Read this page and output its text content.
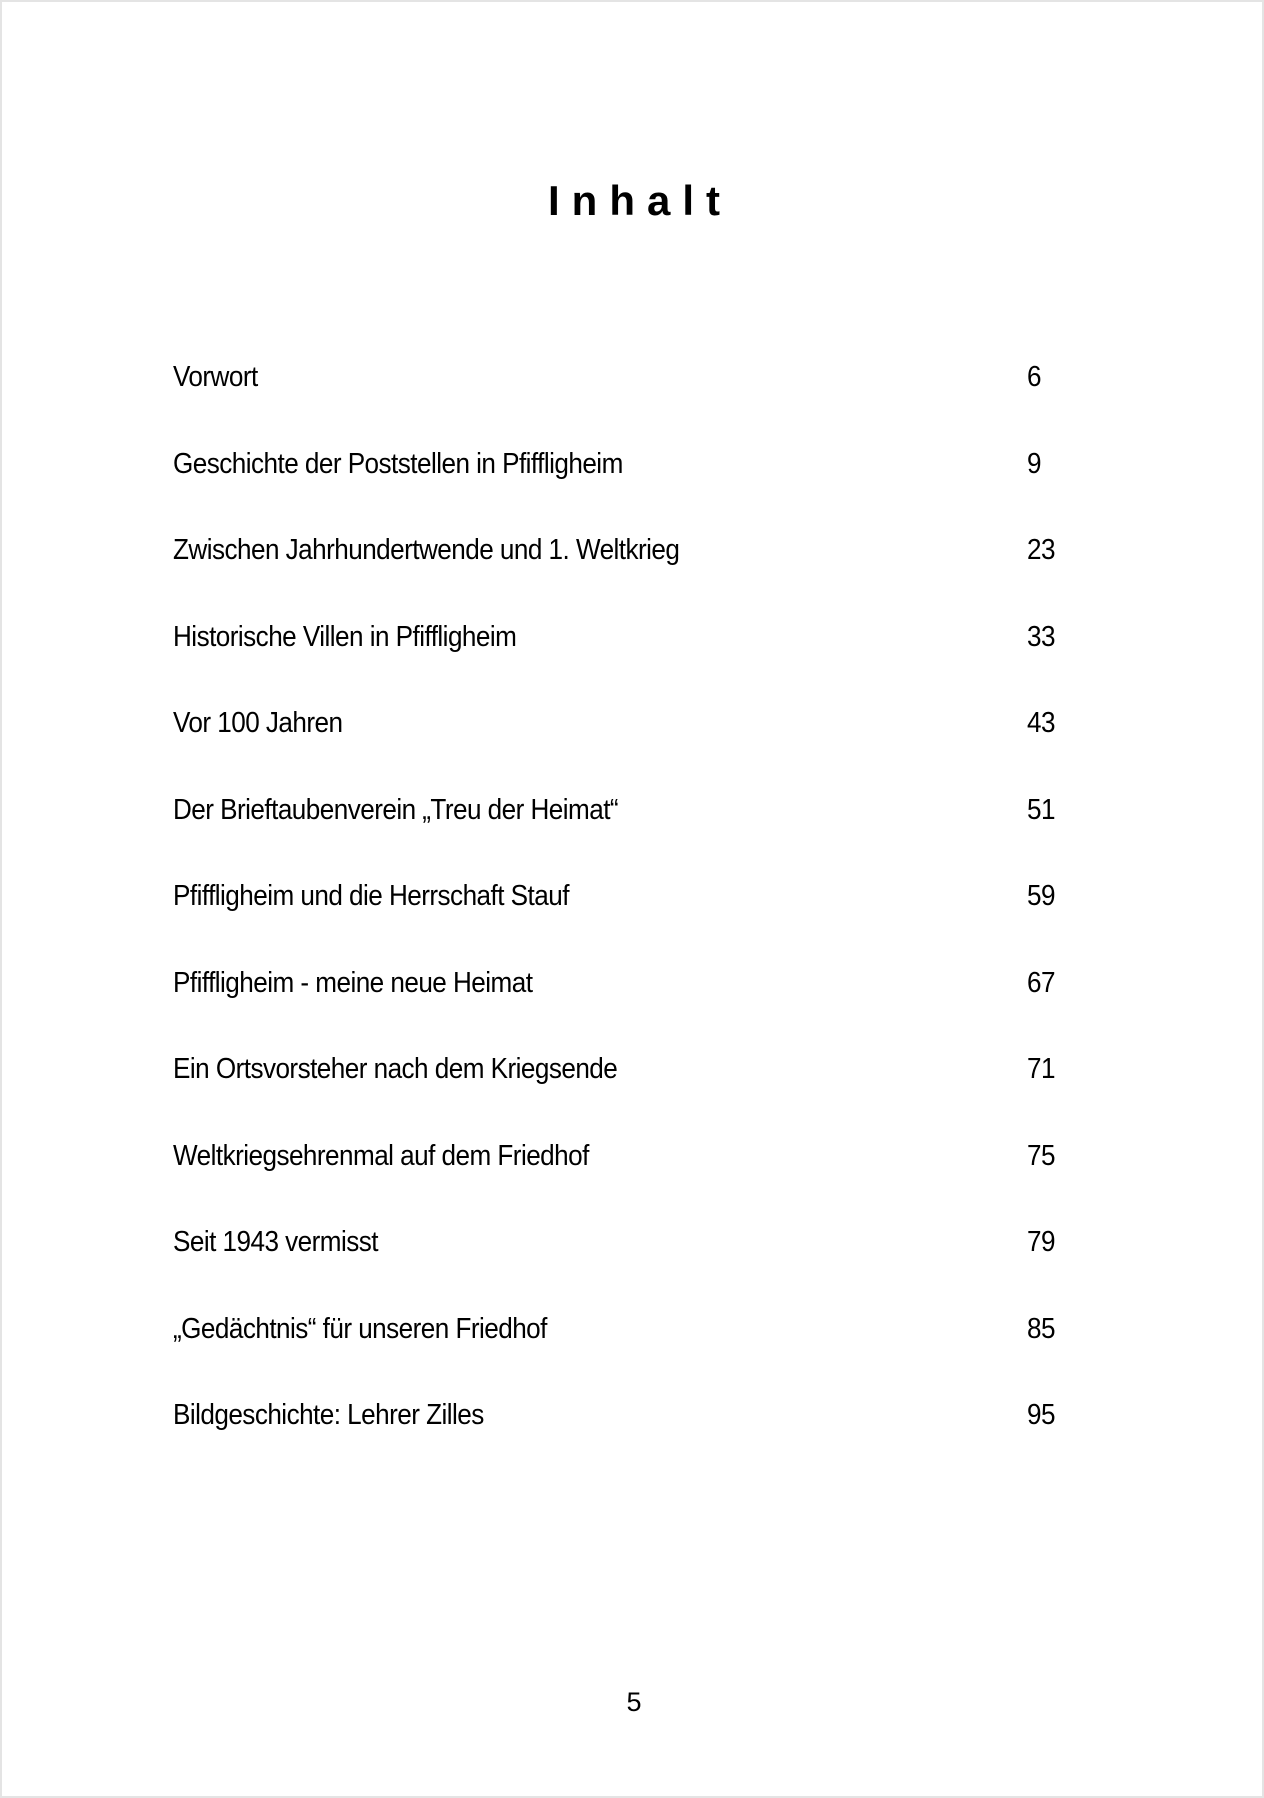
Inhalt
Vorwort	6
Geschichte der Poststellen in Pfiffligheim	9
Zwischen Jahrhundertwende und 1. Weltkrieg	23
Historische Villen in Pfiffligheim	33
Vor 100 Jahren	43
Der Brieftaubenverein „Treu der Heimat“	51
Pfiffligheim und die Herrschaft Stauf	59
Pfiffligheim - meine neue Heimat	67
Ein Ortsvorsteher nach dem Kriegsende	71
Weltkriegsehrenmal auf dem Friedhof	75
Seit 1943 vermisst	79
„Gedächtnis“ für unseren Friedhof	85
Bildgeschichte: Lehrer Zilles	95
5
